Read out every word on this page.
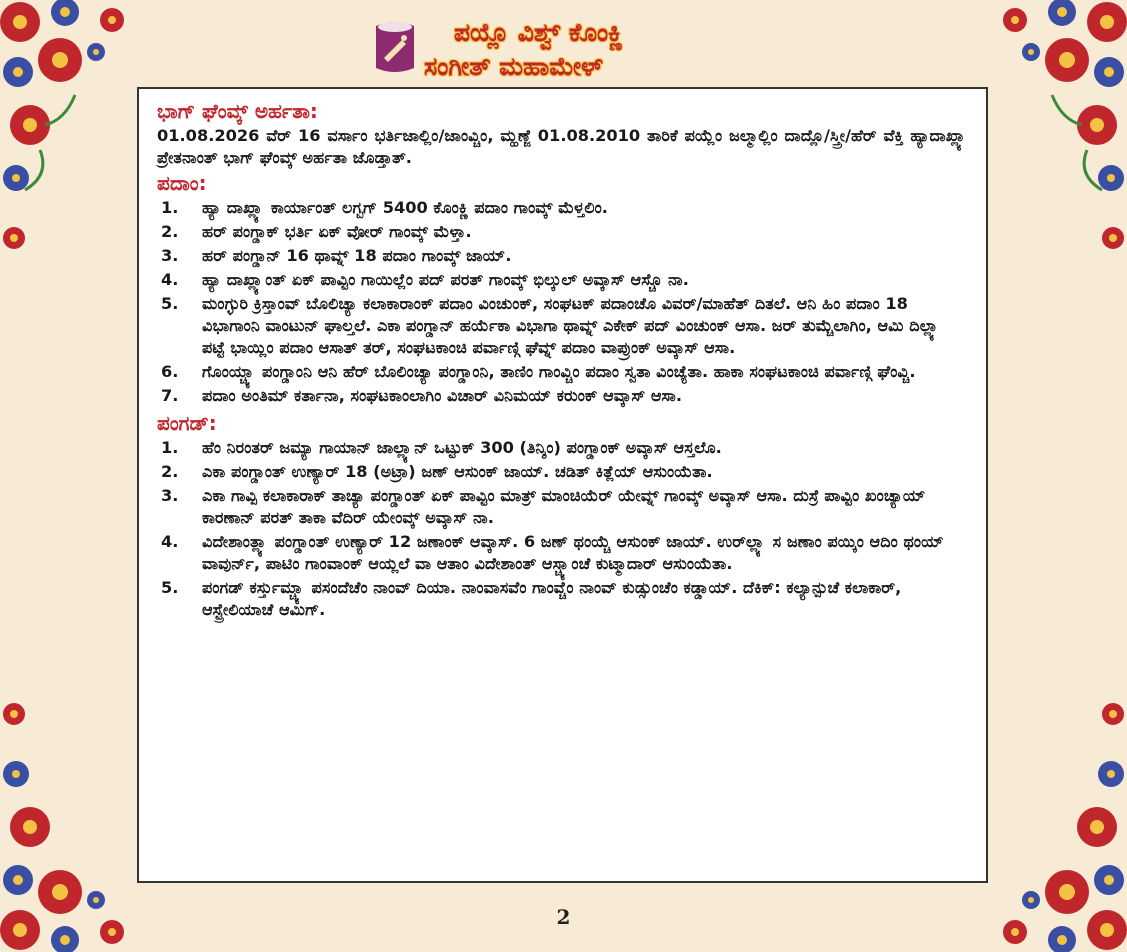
ಪಯ್ಲೊ ವಿಶ್ವ್ ಕೊಂಕ್ಣಿ
ಸಂಗೀತ್ ಮಹಾಮೇಳ್
ಭಾಗ್ ಘೆಂವ್ಕ್ ಅರ್ಹತಾ:
01.08.2026 ವೆರ್ 16 ವರ್ಸಾಂ ಭರ್ತಿಜಾಲ್ಲಿಂ/ಜಾಂವ್ಚಿಂ, ಮ್ಹಣ್ಜೆ 01.08.2010 ತಾರಿಕೆ ಪಯ್ಲೆಂ ಜಲ್ಮಾಲ್ಲಿಂ ದಾದ್ಲೊ/ಸ್ತ್ರೀ/ಹೆರ್ ವೆಕ್ತಿ ಹ್ಯಾದಾಖ್ಲ್ಯಾ ಪ್ರೇತನಾಂತ್ ಭಾಗ್ ಘೆಂವ್ಕ್ ಅರ್ಹತಾ ಜೊಡ್ತಾತ್.
ಪದಾಂ:
1. ಹ್ಯಾ ದಾಖ್ಲ್ಯಾ ಕಾರ್ಯಾಂತ್ ಲಗ್ಬಗ್ 5400 ಕೊಂಕ್ಣಿ ಪದಾಂ ಗಾಂವ್ಕ್ ಮೆಳ್ತಲಿಂ.
2. ಹರ್ ಪಂಗ್ಡಾಕ್ ಭರ್ತಿ ಏಕ್ ವೋರ್ ಗಾಂವ್ಕ್ ಮೆಳ್ತಾ.
3. ಹರ್ ಪಂಗ್ಡಾನ್ 16 ಥಾವ್ನ್ 18 ಪದಾಂ ಗಾಂವ್ಕ್ ಜಾಯ್.
4. ಹ್ಯಾ ದಾಖ್ಲ್ಯಾಂತ್ ಏಕ್ ಪಾವ್ಟಿಂ ಗಾಯಿಲ್ಲೆಂ ಪದ್ ಪರತ್ ಗಾಂವ್ಕ್ ಭಿಲ್ಕುಲ್ ಅವ್ಕಾಸ್ ಆಸ್ಚೊ ನಾ.
5. ಮಂಗ್ಳುರಿ ಕ್ರಿಸ್ತಾಂವ್ ಬೊಲಿಚ್ಯಾ ಕಲಾಕಾರಾಂಕ್ ಪದಾಂ ವಿಂಚುಂಕ್, ಸಂಘಟಕ್ ಪದಾಂಚೊ ವಿವರ್/ಮಾಹೆತ್ ದಿತಲೆ. ಆನಿ ಹಿಂ ಪದಾಂ 18 ವಿಭಾಗಾಂನಿ ವಾಂಟುನ್ ಘಾಲ್ತಲೆ. ಎಕಾ ಪಂಗ್ಡಾನ್ ಹರ್ಯೆಕಾ ವಿಭಾಗಾ ಥಾವ್ನ್ ಎಕೇಕ್ ಪದ್ ವಿಂಚುಂಕ್ ಆಸಾ. ಜರ್ ತುಮ್ಚೆಲಾಗಿಂ, ಆಮಿ ದಿಲ್ಲ್ಯಾ ಪಟ್ಟೆ ಭಾಯ್ಲಿಂ ಪದಾಂ ಆಸಾತ್ ತರ್, ಸಂಘಟಕಾಂಚಿ ಪರ್ವಾಣ್ಗಿ ಘೆವ್ನ್ ಪದಾಂ ವಾಪ್ರುಂಕ್ ಅವ್ಕಾಸ್ ಆಸಾ.
6. ಗೊಂಯ್ಚ್ಯಾ ಪಂಗ್ಡಾಂನಿ ಆನಿ ಹೆರ್ ಬೊಲಿಂಚ್ಯಾ ಪಂಗ್ಡಾಂನಿ, ತಾಣಿಂ ಗಾಂವ್ಚಿಂ ಪದಾಂ ಸ್ವತಾ ವಿಂಚ್ಯೆತಾ. ಹಾಕಾ ಸಂಘಟಕಾಂಚಿ ಪರ್ವಾಣ್ಗಿ ಘೆಂವ್ಚಿ.
7. ಪದಾಂ ಅಂತಿಮ್ ಕರ್ತಾನಾ, ಸಂಘಟಕಾಂಲಾಗಿಂ ವಿಚಾರ್ ವಿನಿಮಯ್ ಕರುಂಕ್ ಆವ್ಕಾಸ್ ಆಸಾ.
ಪಂಗಡ್:
1. ಹೆಂ ನಿರಂತರ್ ಜಮ್ಯಾ ಗಾಯಾನ್ ಜಾಲ್ಲ್ಯಾನ್ ಒಟ್ಟುಕ್ 300 (ತಿನ್ಶಿಂ) ಪಂಗ್ಡಾಂಕ್ ಅವ್ಕಾಸ್ ಆಸ್ತಲೊ.
2. ಎಕಾ ಪಂಗ್ಡಾಂತ್ ಉಣ್ಯಾರ್ 18 (ಅಟ್ರಾ) ಜಣ್ ಆಸುಂಕ್ ಜಾಯ್. ಚಡಿತ್ ಕಿತ್ಲೆಯ್ ಆಸುಂಯೆತಾ.
3. ಎಕಾ ಗಾವ್ಪಿ ಕಲಾಕಾರಾಕ್ ತಾಚ್ಯಾ ಪಂಗ್ಡಾಂತ್ ಏಕ್ ಪಾವ್ಟಿಂ ಮಾತ್ರ್ ಮಾಂಚಿಯೆರ್ ಯೇವ್ನ್ ಗಾಂವ್ಕ್ ಅವ್ಕಾಸ್ ಆಸಾ. ದುಸ್ರೆ ಪಾವ್ಟಿಂ ಖಂಚ್ಯಾಯ್ ಕಾರಣಾನ್ ಪರತ್ ತಾಕಾ ವೆದಿರ್ ಯೇಂವ್ಕ್ ಅವ್ಕಾಸ್ ನಾ.
4. ವಿದೇಶಾಂತ್ಲ್ಯಾ ಪಂಗ್ಡಾಂತ್ ಉಣ್ಯಾರ್ 12 ಜಣಾಂಕ್ ಆವ್ಕಾಸ್. 6 ಜಣ್ ಥಂಯ್ಚೆ ಆಸುಂಕ್ ಜಾಯ್. ಉರ್‌ಲ್ಲ್ಯಾ ಸ ಜಣಾಂ ಪಯ್ಕಿಂ ಆದಿಂ ಥಂಯ್ ವಾವುರ್ನ್, ಪಾಟಿಂ ಗಾಂವಾಂಕ್ ಆಯ್ಲಲೆ ವಾ ಆತಾಂ ವಿದೇಶಾಂತ್ ಆಸ್ಚ್ಯಾಂಚೆ ಕುಟ್ಮಾದಾರ್ ಆಸುಂಯೆತಾ.
5. ಪಂಗಡ್ ಕರ್ಸ್ತುಮ್ಚ್ಯಾ ಪಸಂದೆಚೆಂ ನಾಂವ್ ದಿಯಾ. ನಾಂವಾಸವೆಂ ಗಾಂವ್ಚೆಂ ನಾಂವ್ ಕುಡ್ಸುಂಚೆಂ ಕಡ್ಡಾಯ್. ದೆಕಿಕ್: ಕಲ್ಯಾನ್ಪುಚೆ ಕಲಾಕಾರ್, ಆಸ್ಟ್ರೇಲಿಯಾಚೆ ಆಮಿಗ್.
2
